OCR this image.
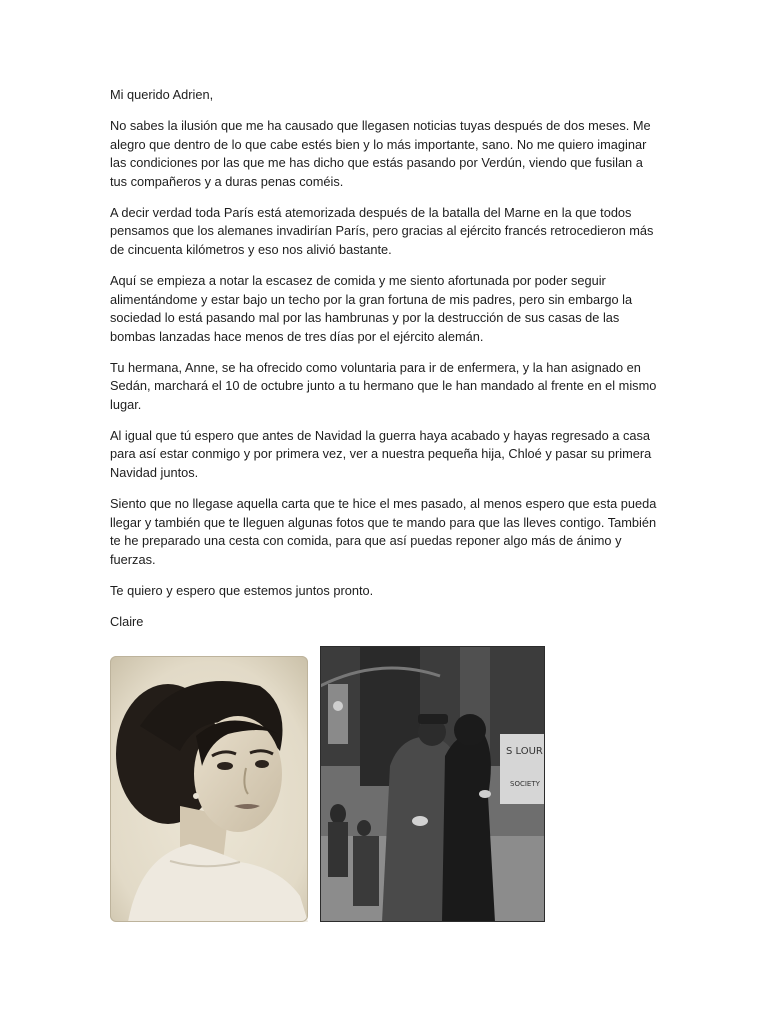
Mi querido Adrien,

No sabes la ilusión que me ha causado que llegasen noticias tuyas después de dos meses. Me alegro que dentro de lo que cabe estés bien y lo más importante, sano. No me quiero imaginar las condiciones por las que me has dicho que estás pasando por Verdún, viendo que fusilan a tus compañeros y a duras penas coméis.

A decir verdad toda París está atemorizada después de la batalla del Marne en la que todos pensamos que los alemanes invadirían París, pero gracias al ejército francés retrocedieron más de cincuenta kilómetros y eso nos alivió bastante.

Aquí se empieza a notar la escasez de comida y me siento afortunada por poder seguir alimentándome y estar bajo un techo por la gran fortuna de mis padres, pero sin embargo la sociedad lo está pasando mal por las hambrunas y por la destrucción de sus casas de las bombas lanzadas hace menos de tres días por el ejército alemán.

Tu hermana, Anne, se ha ofrecido como voluntaria para ir de enfermera, y la han asignado en Sedán, marchará el 10 de octubre junto a tu hermano que le han mandado al frente en el mismo lugar.

Al igual que tú espero que antes de Navidad la guerra haya acabado y hayas regresado a casa para así estar conmigo y por primera vez, ver a nuestra pequeña hija, Chloé y pasar su primera Navidad juntos.

Siento que no llegase aquella carta que te hice el mes pasado, al menos espero que esta pueda llegar y también que te lleguen algunas fotos que te mando para que las lleves contigo. También te he preparado una cesta con comida, para que así puedas reponer algo más de ánimo y fuerzas.

Te quiero y espero que estemos juntos pronto.

Claire

S LOUR
SOCIETY
